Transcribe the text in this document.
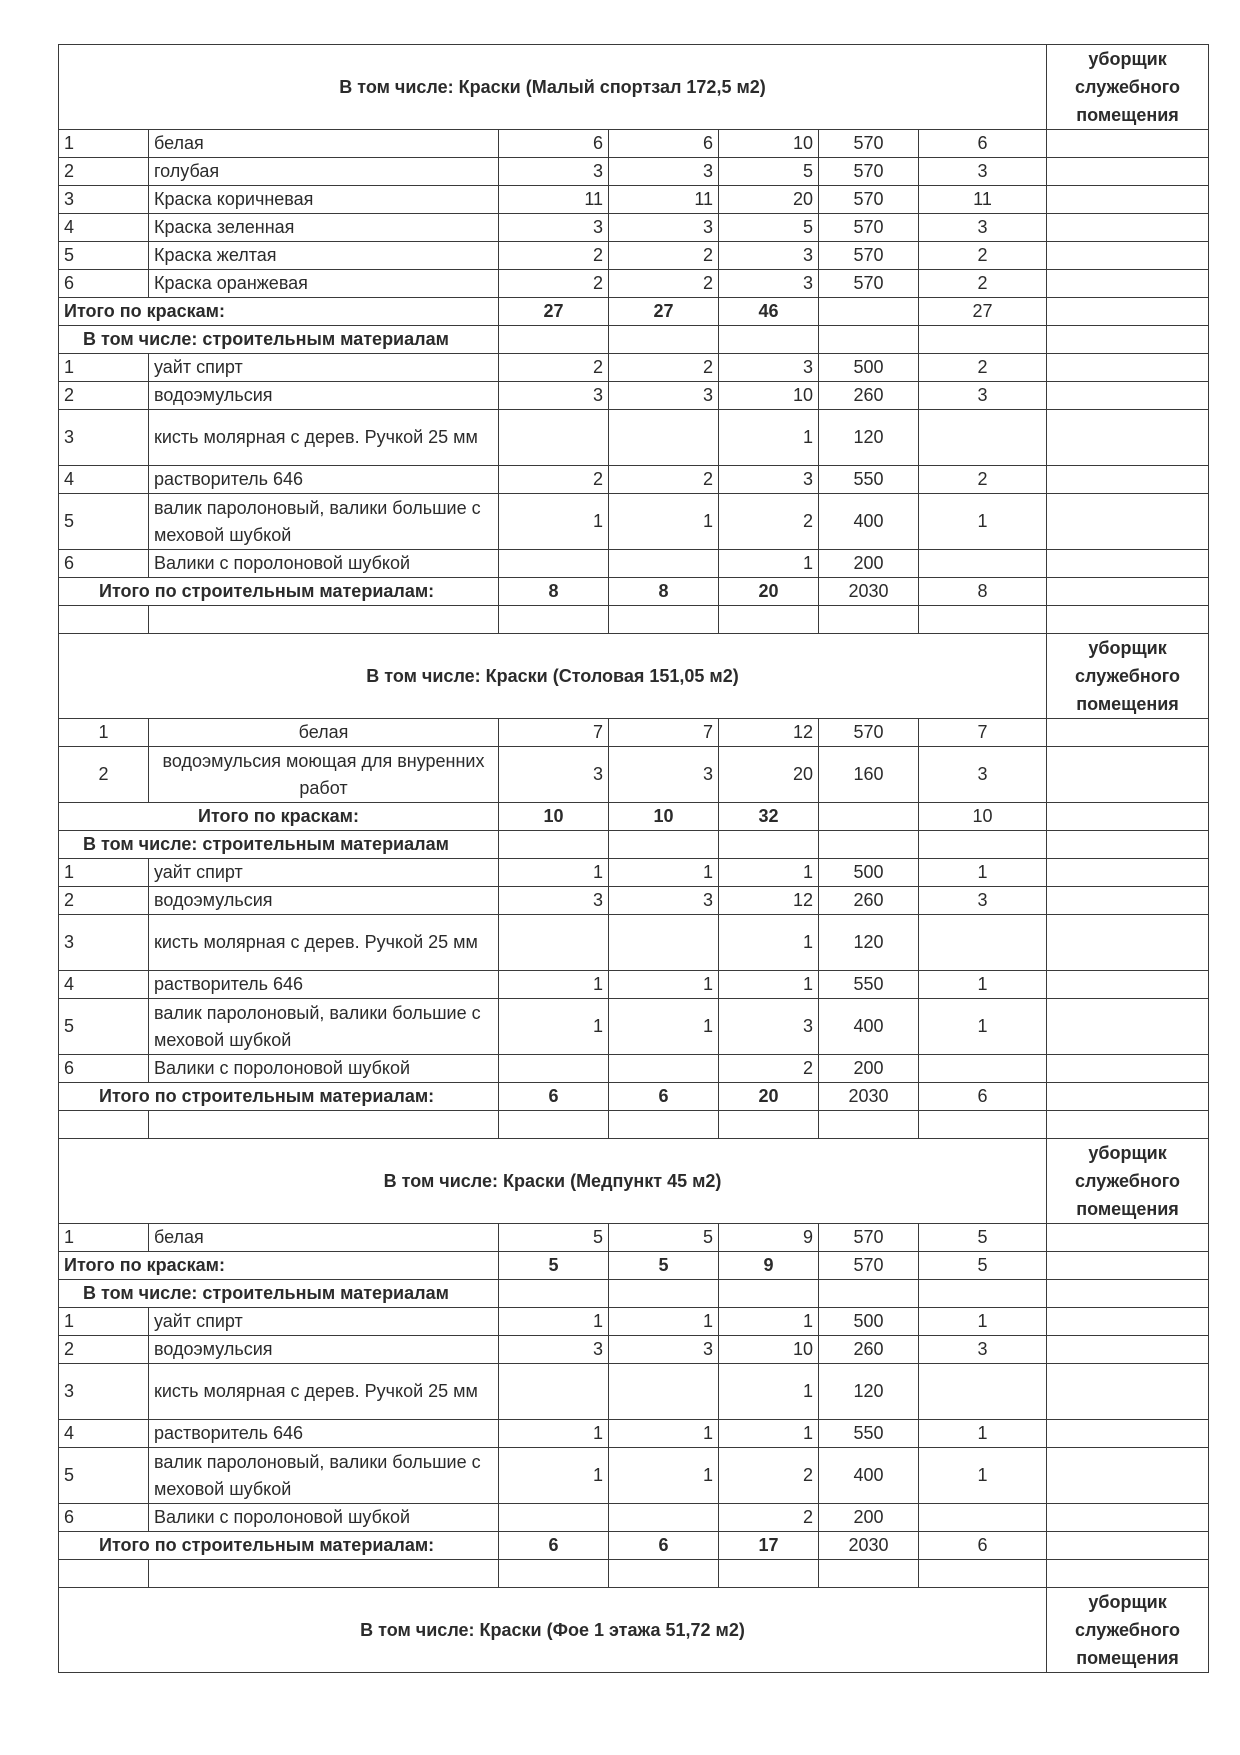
В том числе: Краски (Малый спортзал 172,5 м2)							уборщик служебного помещения
1	белая	6	6	10	570	6	
2	голубая	3	3	5	570	3	
3	Краска коричневая	11	11	20	570	11	
4	Краска зеленная	3	3	5	570	3	
5	Краска желтая	2	2	3	570	2	
6	Краска оранжевая	2	2	3	570	2	
Итого по краскам:		27	27	46		27	
В том числе: строительным материалам							
1	уайт спирт	2	2	3	500	2	
2	водоэмульсия	3	3	10	260	3	
3	кисть молярная с дерев. Ручкой 25 мм			1	120		
4	растворитель 646	2	2	3	550	2	
5	валик паролоновый, валики большие с меховой шубкой	1	1	2	400	1	
6	Валики с поролоновой шубкой			1	200		
Итого по строительным материалам:		8	8	20	2030	8	

В том числе: Краски (Столовая 151,05 м2)							уборщик служебного помещения
1	белая	7	7	12	570	7	
2	водоэмульсия моющая для внуренних работ	3	3	20	160	3	
Итого по краскам:		10	10	32		10	
В том числе: строительным материалам							
1	уайт спирт	1	1	1	500	1	
2	водоэмульсия	3	3	12	260	3	
3	кисть молярная с дерев. Ручкой 25 мм			1	120		
4	растворитель 646	1	1	1	550	1	
5	валик паролоновый, валики большие с меховой шубкой	1	1	3	400	1	
6	Валики с поролоновой шубкой			2	200		
Итого по строительным материалам:		6	6	20	2030	6	

В том числе: Краски (Медпункт 45 м2)							уборщик служебного помещения
1	белая	5	5	9	570	5	
Итого по краскам:		5	5	9	570	5	
В том числе: строительным материалам							
1	уайт спирт	1	1	1	500	1	
2	водоэмульсия	3	3	10	260	3	
3	кисть молярная с дерев. Ручкой 25 мм			1	120		
4	растворитель 646	1	1	1	550	1	
5	валик паролоновый, валики большие с меховой шубкой	1	1	2	400	1	
6	Валики с поролоновой шубкой			2	200		
Итого по строительным материалам:		6	6	17	2030	6	

В том числе: Краски (Фое 1 этажа 51,72 м2)							уборщик служебного помещения
